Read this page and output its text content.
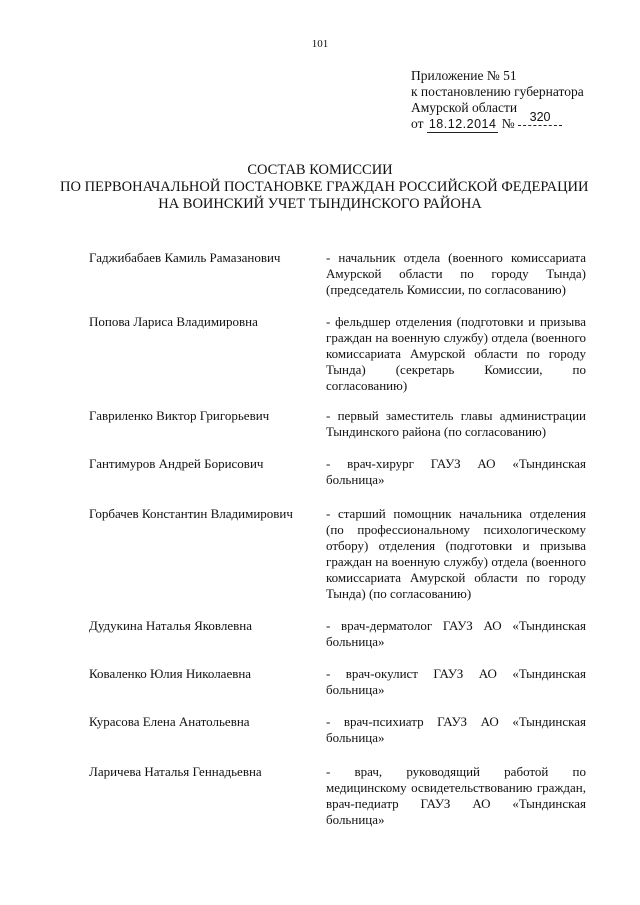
101
Приложение № 51
к постановлению губернатора
Амурской области
от 18.12.2014 № 320
СОСТАВ КОМИССИИ
ПО ПЕРВОНАЧАЛЬНОЙ ПОСТАНОВКЕ ГРАЖДАН РОССИЙСКОЙ ФЕДЕРАЦИИ
НА ВОИНСКИЙ УЧЕТ ТЫНДИНСКОГО РАЙОНА
Гаджибабаев Камиль Рамазанович	- начальник отдела (военного комиссариата Амурской области по городу Тында) (председатель Комиссии, по согласованию)
Попова Лариса Владимировна	- фельдшер отделения (подготовки и призыва граждан на военную службу) отдела (военного комиссариата Амурской области по городу Тында) (секретарь Комиссии, по согласованию)
Гавриленко Виктор Григорьевич	- первый заместитель главы администрации Тындинского района (по согласованию)
Гантимуров Андрей Борисович	- врач-хирург ГАУЗ АО «Тындинская больница»
Горбачев Константин Владимирович	- старший помощник начальника отделения (по профессиональному психологическому отбору) отделения (подготовки и призыва граждан на военную службу) отдела (военного комиссариата Амурской области по городу Тында) (по согласованию)
Дудукина Наталья Яковлевна	- врач-дерматолог ГАУЗ АО «Тындинская больница»
Коваленко Юлия Николаевна	- врач-окулист ГАУЗ АО «Тындинская больница»
Курасова Елена Анатольевна	- врач-психиатр ГАУЗ АО «Тындинская больница»
Ларичева Наталья Геннадьевна	- врач, руководящий работой по медицинскому освидетельствованию граждан, врач-педиатр ГАУЗ АО «Тындинская больница»
